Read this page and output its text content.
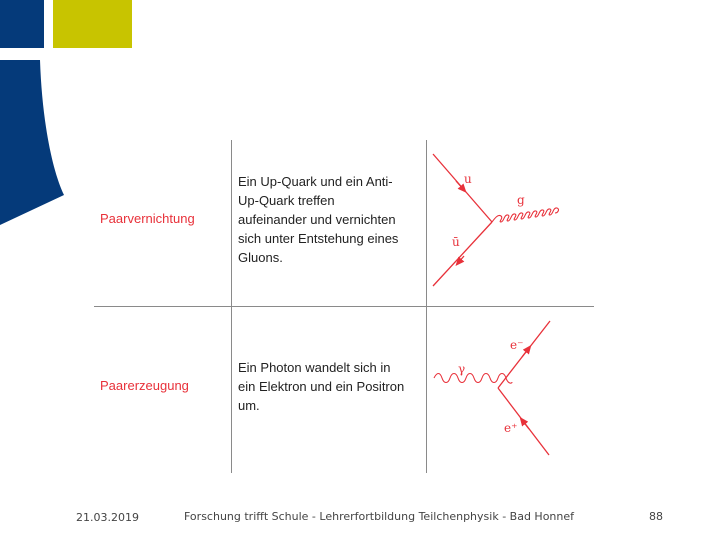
Paarvernichtung
Ein Up-Quark und ein Anti-
Up-Quark treffen
aufeinander und vernichten
sich unter Entstehung eines
Gluons.
u
ū
g
Paarerzeugung
Ein Photon wandelt sich in
ein Elektron und ein Positron
um.
γ
e⁻
e⁺
21.03.2019	Forschung trifft Schule - Lehrerfortbildung Teilchenphysik - Bad Honnef	88
